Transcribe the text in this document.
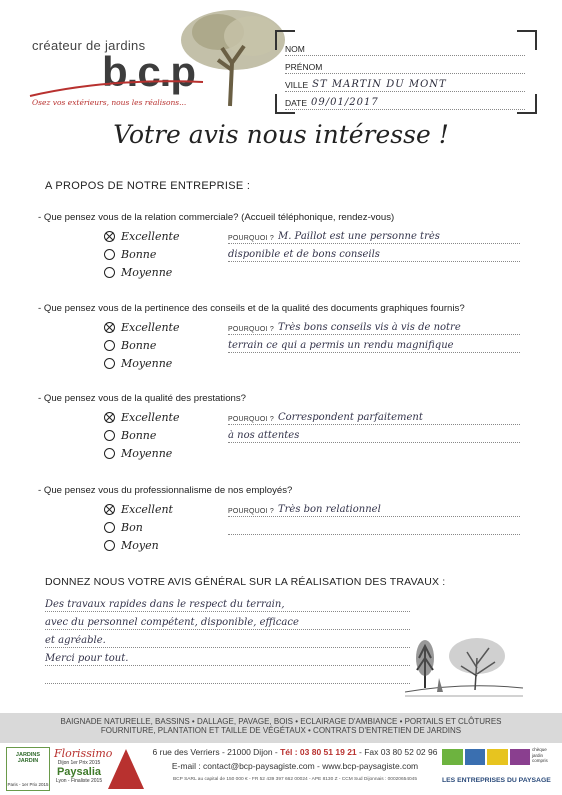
créateur de jardins
b.c.p
Osez vos extérieurs, nous les réalisons...
NOM
PRÉNOM
VILLE ST MARTIN DU MONT
DATE 09/01/2017
Votre avis nous intéresse !
A PROPOS DE NOTRE ENTREPRISE :
- Que pensez vous de la relation commerciale? (Accueil téléphonique, rendez-vous)
Excellente
Bonne
Moyenne
POURQUOI ? M. Paillot est une personne très
disponible et de bons conseils
- Que pensez vous de la pertinence des conseils et de la qualité des documents graphiques fournis?
Excellente
Bonne
Moyenne
POURQUOI ? Très bons conseils vis à vis de notre
terrain ce qui a permis un rendu magnifique
- Que pensez vous de la qualité des prestations?
Excellente
Bonne
Moyenne
POURQUOI ? Correspondent parfaitement
à nos attentes
- Que pensez vous du professionnalisme de nos employés?
Excellent
Bon
Moyen
POURQUOI ? Très bon relationnel
DONNEZ NOUS VOTRE AVIS GÉNÉRAL SUR LA RÉALISATION DES TRAVAUX :
Des travaux rapides dans le respect du terrain,
avec du personnel compétent, disponible, efficace
et agréable.
Merci pour tout.
BAIGNADE NATURELLE, BASSINS • DALLAGE, PAVAGE, BOIS • ECLAIRAGE D'AMBIANCE • PORTAILS ET CLÔTURES
FOURNITURE, PLANTATION ET TAILLE DE VÉGÉTAUX • CONTRATS D'ENTRETIEN DE JARDINS
JARDINS JARDIN
Paris - 1er Prix 2015
Florissimo
Dijon 1er Prix 2015
Paysalia
Lyon - Finaliste 2015
6 rue des Verriers - 21000 Dijon - Tél : 03 80 51 19 21 - Fax 03 80 52 02 96
E-mail : contact@bcp-paysagiste.com - www.bcp-paysagiste.com
BCP SARL au capital de 150 000 € - FR 52 439 397 662 00024 - APE 8130 Z - CCM Sud Dijonnais : 00020654045
chèque jardin compris
LES ENTREPRISES DU PAYSAGE
